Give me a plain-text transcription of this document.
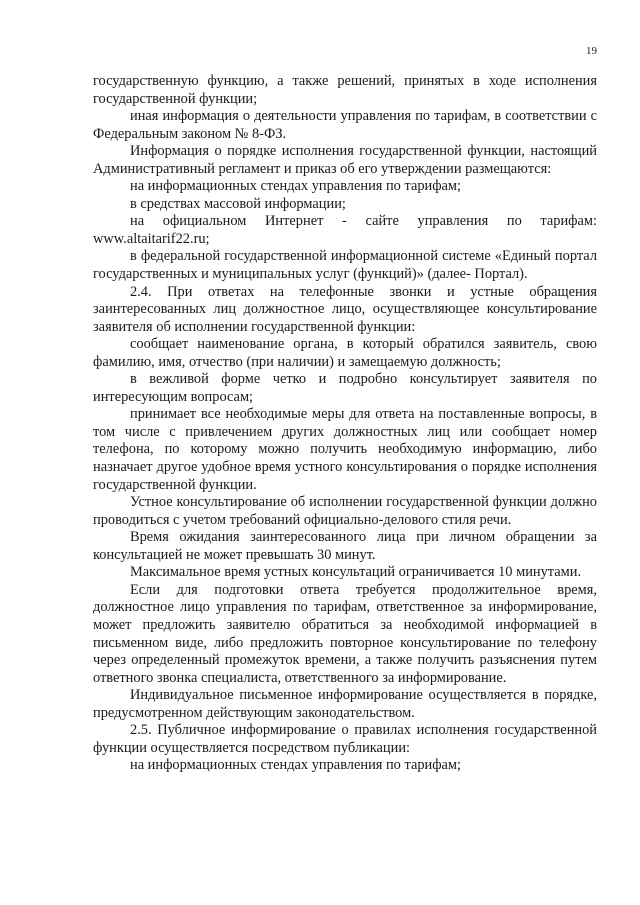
19

государственную функцию, а также решений, принятых в ходе исполнения государственной функции;

иная информация о деятельности управления по тарифам, в соответствии с Федеральным законом № 8-ФЗ.

Информация о порядке исполнения государственной функции, настоящий Административный регламент и приказ об его утверждении размещаются:

на информационных стендах управления по тарифам;

в средствах массовой информации;

на официальном Интернет - сайте управления по тарифам: www.altaitarif22.ru;

в федеральной государственной информационной системе «Единый портал государственных и муниципальных услуг (функций)» (далее- Портал).

2.4. При ответах на телефонные звонки и устные обращения заинтересованных лиц должностное лицо, осуществляющее консультирование заявителя об исполнении государственной функции:

сообщает наименование органа, в который обратился заявитель, свою фамилию, имя, отчество (при наличии) и замещаемую должность;

в вежливой форме четко и подробно консультирует заявителя по интересующим вопросам;

принимает все необходимые меры для ответа на поставленные вопросы, в том числе с привлечением других должностных лиц или сообщает номер телефона, по которому можно получить необходимую информацию, либо назначает другое удобное время устного консультирования о порядке исполнения государственной функции.

Устное консультирование об исполнении государственной функции должно проводиться с учетом требований официально-делового стиля речи.

Время ожидания заинтересованного лица при личном обращении за консультацией не может превышать 30 минут.

Максимальное время устных консультаций ограничивается 10 минутами.

Если для подготовки ответа требуется продолжительное время, должностное лицо управления по тарифам, ответственное за информирование, может предложить заявителю обратиться за необходимой информацией в письменном виде, либо предложить повторное консультирование по телефону через определенный промежуток времени, а также получить разъяснения путем ответного звонка специалиста, ответственного за информирование.

Индивидуальное письменное информирование осуществляется в порядке, предусмотренном действующим законодательством.

2.5. Публичное информирование о правилах исполнения государственной функции осуществляется посредством публикации:

на информационных стендах управления по тарифам;
